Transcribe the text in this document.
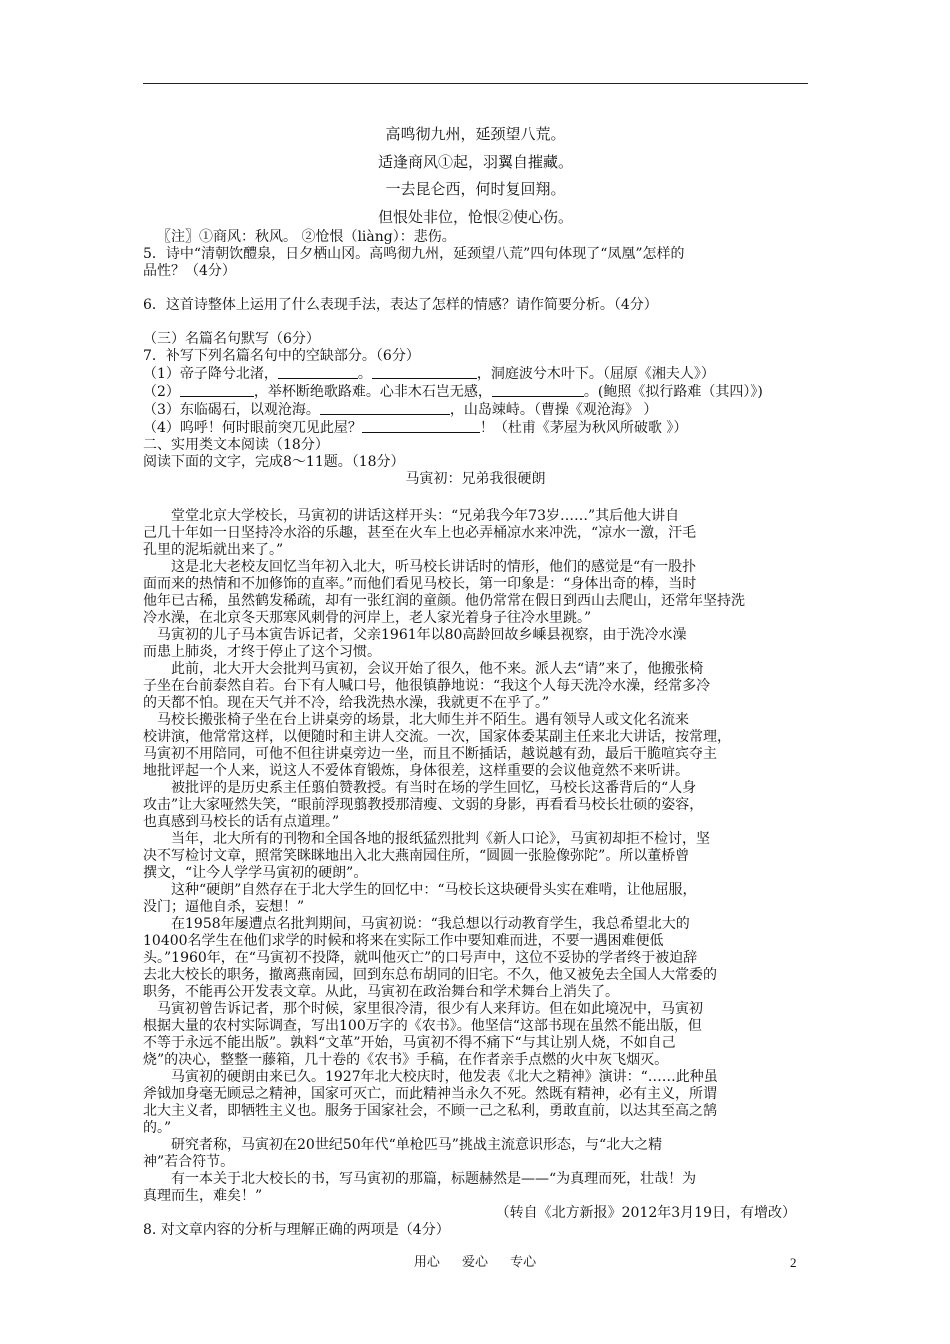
高鸣彻九州，延颈望八荒。
适逢商风①起，羽翼自摧藏。
一去昆仑西，何时复回翔。
但恨处非位，怆恨②使心伤。
〖注〗①商风：秋风。 ②怆恨（liàng）：悲伤。
5．诗中“清朝饮醴泉，日夕栖山冈。高鸣彻九州，延颈望八荒”四句体现了“凤凰”怎样的
品性？（4分）
6．这首诗整体上运用了什么表现手法，表达了怎样的情感？请作简要分析。（4分）
（三）名篇名句默写（6分）
7．补写下列名篇名句中的空缺部分。（6分）
（1）帝子降兮北渚，	。	，洞庭波兮木叶下。（屈原《湘夫人》）
（2）	，举杯断绝歌路难。心非木石岂无感，	。(鲍照《拟行路难（其四）》)
（3）东临碣石，以观沧海。	，山岛竦峙。（曹操《观沧海》 ）
（4）呜呼！何时眼前突兀见此屋？	！（杜甫《茅屋为秋风所破歌 》）
二、实用类文本阅读（18分）
阅读下面的文字，完成8～11题。（18分）
马寅初：兄弟我很硬朗
堂堂北京大学校长，马寅初的讲话这样开头：“兄弟我今年73岁……”其后他大讲自
己几十年如一日坚持冷水浴的乐趣，甚至在火车上也必弄桶凉水来冲洗，“凉水一激，汗毛
孔里的泥垢就出来了。”
这是北大老校友回忆当年初入北大，听马校长讲话时的情形，他们的感觉是“有一股扑
面而来的热情和不加修饰的直率。”而他们看见马校长，第一印象是：“身体出奇的棒，当时
他年已古稀，虽然鹤发稀疏，却有一张红润的童颜。他仍常常在假日到西山去爬山，还常年坚持洗
冷水澡，在北京冬天那寒风刺骨的河岸上，老人家光着身子往冷水里跳。”
马寅初的儿子马本寅告诉记者，父亲1961年以80高龄回故乡嵊县视察，由于洗冷水澡
而患上肺炎，才终于停止了这个习惯。
此前，北大开大会批判马寅初，会议开始了很久，他不来。派人去“请”来了，他搬张椅
子坐在台前泰然自若。台下有人喊口号，他很镇静地说：“我这个人每天洗冷水澡，经常多冷
的天都不怕。现在天气并不冷，给我洗热水澡，我就更不在乎了。”
马校长搬张椅子坐在台上讲桌旁的场景，北大师生并不陌生。遇有领导人或文化名流来
校讲演，他常常这样，以便随时和主讲人交流。一次，国家体委某副主任来北大讲话，按常理，
马寅初不用陪同，可他不但往讲桌旁边一坐，而且不断插话，越说越有劲，最后干脆喧宾夺主
地批评起一个人来，说这人不爱体育锻炼，身体很差，这样重要的会议他竟然不来听讲。
被批评的是历史系主任翦伯赞教授。有当时在场的学生回忆，马校长这番背后的“人身
攻击”让大家哑然失笑，“眼前浮现翦教授那清瘦、文弱的身影，再看看马校长壮硕的姿容，
也真感到马校长的话有点道理。”
当年，北大所有的刊物和全国各地的报纸猛烈批判《新人口论》，马寅初却拒不检讨，坚
决不写检讨文章，照常笑眯眯地出入北大燕南园住所，“圆圆一张脸像弥陀”。所以董桥曾
撰文，“让今人学学马寅初的硬朗”。
这种“硬朗”自然存在于北大学生的回忆中：“马校长这块硬骨头实在难啃，让他屈服，
没门；逼他自杀，妄想！”
在1958年屡遭点名批判期间，马寅初说：“我总想以行动教育学生，我总希望北大的
10400名学生在他们求学的时候和将来在实际工作中要知难而进，不要一遇困难便低
头。”1960年，在“马寅初不投降，就叫他灭亡”的口号声中，这位不妥协的学者终于被迫辞
去北大校长的职务，撤离燕南园，回到东总布胡同的旧宅。不久，他又被免去全国人大常委的
职务，不能再公开发表文章。从此，马寅初在政治舞台和学术舞台上消失了。
马寅初曾告诉记者，那个时候，家里很冷清，很少有人来拜访。但在如此境况中，马寅初
根据大量的农村实际调查，写出100万字的《农书》。他坚信“这部书现在虽然不能出版，但
不等于永远不能出版”。孰料“文革”开始，马寅初不得不痛下“与其让别人烧，不如自己
烧”的决心，整整一藤箱，几十卷的《农书》手稿，在作者亲手点燃的火中灰飞烟灭。
马寅初的硬朗由来已久。1927年北大校庆时，他发表《北大之精神》演讲：“……此种虽
斧钺加身毫无顾忌之精神，国家可灭亡，而此精神当永久不死。然既有精神，必有主义，所谓
北大主义者，即牺牲主义也。服务于国家社会，不顾一己之私利，勇敢直前，以达其至高之鹄
的。”
研究者称，马寅初在20世纪50年代“单枪匹马”挑战主流意识形态，与“北大之精
神”若合符节。
有一本关于北大校长的书，写马寅初的那篇，标题赫然是——“为真理而死，壮哉！为
真理而生，难矣！”
（转自《北方新报》2012年3月19日，有增改）
8. 对文章内容的分析与理解正确的两项是（4分）
用心 爱心 专心	2
